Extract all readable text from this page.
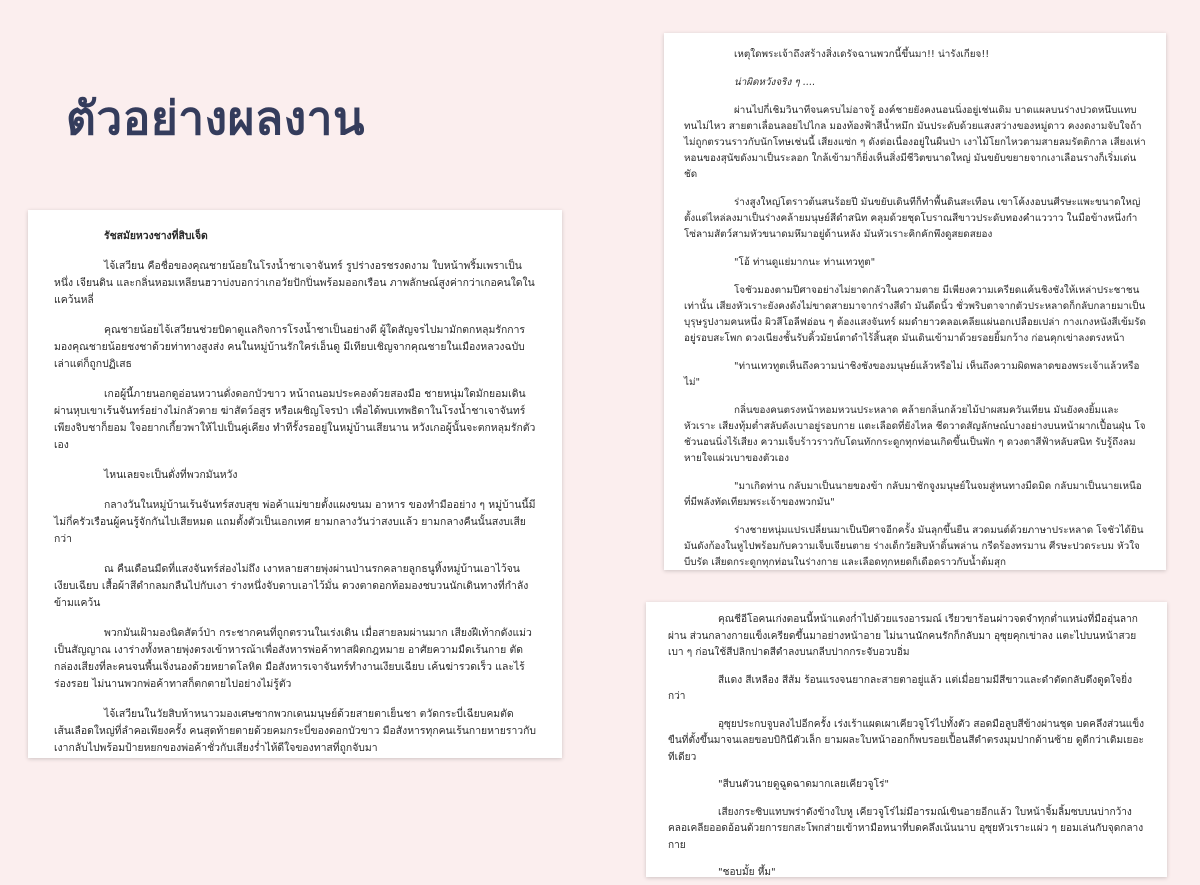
ตัวอย่างผลงาน

รัชสมัยหวงชางที่สิบเจ็ด

ไจ้เสวียน คือชื่อของคุณชายน้อยในโรงน้ำชาเจาจันทร์ รูปร่างอรชรงดงาม ใบหน้าพริ้มเพราเป็นหนึ่ง เจียนดิน และกลิ่นหอมเหลียนฮวาบ่งบอกว่าเกอวัยปักปิ่นพร้อมออกเรือน ภาพลักษณ์สูงค่ากว่าเกอคนใดในแคว้นหลี่

คุณชายน้อยไจ้เสวียนช่วยบิดาดูแลกิจการโรงน้ำชาเป็นอย่างดี ผู้ใดสัญจรไปมามักตกหลุมรักการมองคุณชายน้อยชงชาด้วยท่าทางสูงส่ง คนในหมู่บ้านรักใคร่เอ็นดู มีเทียบเชิญจากคุณชายในเมืองหลวงฉบับเล่าแต่ก็ถูกปฏิเสธ

เกอผู้นี้ภายนอกดูอ่อนหวานดั่งดอกบัวขาว หน้าถนอมประคองด้วยสองมือ ชายหนุ่มใดมักยอมเดินผ่านหุบเขาเร้นจันทร์อย่างไม่กลัวตาย ฆ่าสัตว์อสูร หรือเผชิญโจรป่า เพื่อได้พบเทพธิดาในโรงน้ำชาเจาจันทร์เพียงจิบชาก็ยอม ใจอยากเกี้ยวพาให้ไปเป็นคู่เคียง ทำทีรั้งรออยู่ในหมู่บ้านเสียนาน หวังเกอผู้นั้นจะตกหลุมรักตัวเอง

ไหนเลยจะเป็นดั่งที่พวกมันหวัง

กลางวันในหมู่บ้านเร้นจันทร์สงบสุข พ่อค้าแม่ขายตั้งแผงขนม อาหาร ของทำมืออย่าง ๆ หมู่บ้านนี้มีไม่กี่ครัวเรือนผู้คนรู้จักกันไปเสียหมด แถมตั้งตัวเป็นเอกเทศ ยามกลางวันว่าสงบแล้ว ยามกลางคืนนั้นสงบเสียกว่า

ณ คืนเดือนมืดที่แสงจันทร์ส่องไม่ถึง เงาหลายสายพุ่งผ่านป่านรกคลายลูกธนูทิ้งหมู่บ้านเอาไว้จนเงียบเฉียบ เสื้อผ้าสีดำกลมกลืนไปกับเงา ร่างหนึ่งจับดาบเอาไว้มั่น ดวงตาดอกท้อมองชบวนนักเดินทางที่กำลังข้ามแคว้น

พวกมันเฝ้ามองนิดสัตว์ป่า กระชากคนที่ถูกตรวนในเร่งเดิน เมื่อสายลมผ่านมาก เสียงฝีเท้ากดังแม่วเป็นสัญญาณ เงาร่างทั้งหลายพุ่งตรงเข้าหารณ้าเพื่อสังหารพ่อค้าทาสผิดกฎหมาย อาศัยความมืดเร้นกาย ตัดกล่องเสียงที่ละคนจนพื้นเจิ่งนองด้วยหยาดโลหิต มือสังหารเจาจันทร์ทำงานเงียบเฉียบ เค้นฆ่ารวดเร็ว และไร้ร่องรอย ไม่นานพวกพ่อค้าทาสก็ตกตายไปอย่างไม่รู้ตัว

ไจ้เสวียนในวัยสิบห้าหนาวมองเศษซากพวกเดนมนุษย์ด้วยสายตาเย็นชา ตวัดกระบี่เฉียบคมตัดเส้นเลือดใหญ่ที่ลำคอเพียงครั้ง คนสุดท้ายตายด้วยคมกระบี่ของดอกบัวขาว มือสังหารทุกคนเร้นกายหายราวกับเงากลับไปพร้อมป้ายหยกของพ่อค้าชั่วกับเสียงร่ำไห้ดีใจของทาสที่ถูกจับมา

เหตุใดพระเจ้าถึงสร้างสิ่งเดรัจฉานพวกนี้ขึ้นมา!! น่ารังเกียจ!!

น่าผิดหวังจริง ๆ ....

ผ่านไปกี่เชิมวินาทีจนครบไม่อาจรู้ องค์ชายยังคงนอนนิ่งอยู่เช่นเดิม บาดแผลบนร่างปวดหนึบแทบทนไม่ไหว สายตาเลื่อนลอยไปไกล มองท้องฟ้าสีน้ำหมึก มันประดับด้วยแสงสว่างของหมู่ดาว คงงดงามจับใจถ้าไม่ถูกตรวนราวกับนักโทษเช่นนี้ เสียงแซ่ก ๆ ดังต่อเนื่องอยู่ในผืนป่า เงาไม้โยกไหวตามสายลมรัตติกาล เสียงเห่าหอนของสุนัขดังมาเป็นระลอก ใกล้เข้ามาก็ยิ่งเห็นสิ่งมีชีวิตขนาดใหญ่ มันขยับขยายจากเงาเลือนรางก็เริ่มเด่นชัด

ร่างสูงใหญ่โตราวต้นสนร้อยปี มันขยับเดินทีก็ทำพื้นดินสะเทือน เขาโค้งงอบนศีรษะแพะขนาดใหญ่ ตั้งแต่ไหล่ลงมาเป็นร่างคล้ายมนุษย์สีดำสนิท คลุมด้วยชุดโบราณสีขาวประดับทองคำแววาว ในมือข้างหนึ่งกำโซ่ลามสัตว์สามหัวขนาดมหึมาอยู่ด้านหลัง มันหัวเราะคิกคักพึงดูสยดสยอง

"โอ้ ท่านดูแย่มากนะ ท่านเทวทูต"

โจชัวมองตามปีศาจอย่างไม่ยาดกลัวในความตาย มีเพียงความเครียดแค้นชิงชังให้เหล่าประชาชนเท่านั้น เสียงหัวเราะยังคงดังไม่ขาดสายมาจากร่างสีดำ มันดีดนิ้ว ชั่วพริบตาจากตัวประหลาดก็กลับกลายมาเป็นบุรุษรูปงามคนหนึ่ง ผิวสีโอลีฟอ่อน ๆ ต้องแสงจันทร์ ผมดำยาวคลอเคลียแผ่นอกเปลือยเปล่า กางเกงหนังสีเข้มรัดอยู่รอบสะโพก ดวงเนียงชั้นรับคิ้วมัยน์ตาดำไร้สิ้นสุด มันเดินเข้ามาด้วยรอยยิ้มกว้าง ก่อนคุกเข่าลงตรงหน้า

"ท่านเทวทูตเห็นถึงความน่าชิงชังของมนุษย์แล้วหรือไม่ เห็นถึงความผิดพลาดของพระเจ้าแล้วหรือไม่"

กลิ่นของคนตรงหน้าหอมหวนประหลาด คล้ายกลิ่นกล้วยไม้ปาผสมควันเทียน มันยังคงยิ้มและหัวเราะ เสียงทุ้มต่ำสลับดังเบาอยู่รอบกาย แตะเลือดที่ยังไหล ชีดวาดสัญลักษณ์บางอย่างบนหน้าผากเปื้อนฝุ่น โจชัวนอนนิ่งไร้เสียง ความเจ็บร้าวราวกับโดนทักกระดูกทุกท่อนเกิดขึ้นเป็นพัก ๆ ดวงตาสีฟ้าหลับสนิท รับรู้ถึงลมหายใจแผ่วเบาของตัวเอง

"มาเกิดท่าน กลับมาเป็นนายของข้า กลับมาชักจูงมนุษย์ในจมสู่หนทางมืดมิด กลับมาเป็นนายเหนือที่มีพลังทัดเทียมพระเจ้าของพวกมัน"

ร่างชายหนุ่มแปรเปลี่ยนมาเป็นปีศาจอีกครั้ง มันลุกขึ้นยืน สวดมนต์ด้วยภาษาประหลาด โจชัวได้ยินมันดังก้องในหูไปพร้อมกับความเจ็บเจียนตาย ร่างเด็กวัยสิบห้าดิ้นพล่าน กรีดร้องทรมาน ศีรษะปวดระบม หัวใจบีบรัด เสียดกระดูกทุกท่อนในร่างกาย และเลือดทุกหยดก็เดือดราวกับน้ำต้มสุก

คุณชีอีโอคนเก่งตอนนี้หน้าแดงก่ำไปด้วยแรงอารมณ์ เรียวขาร้อนผ่าวจดจำทุกต่ำแหน่งที่มืออุ่นลากผ่าน ส่วนกลางกายแข็งเครียดขึ้นมาอย่างหน้าอาย ไม่นานนักคนรักก็กลับมา อุซุยคุกเข่าลง แตะไปบนหน้าสวยเบา ๆ ก่อนใช้สีปลิกปาดสีดำลงบนกลีบปากกระจับอวบอิ่ม

สีแดง สีเหลือง สีส้ม ร้อนแรงจนยากละสายตาอยู่แล้ว แต่เมื่อยามมีสีขาวและดำตัดกลับดึงดูดใจยิ่งกว่า

อุซุยประกบจูบลงไปอีกครั้ง เร่งเร้าแผดเผาเคียวจูโร่ไปทั้งตัว สอดมือลูบสีข้างผ่านชุด บดคลึงส่วนแข็งขืนที่ตั้งขึ้นมาจนเลยขอบบิกินีตัวเล็ก ยามผละใบหน้าออกก็พบรอยเปื้อนสีดำตรงมุมปากด้านซ้าย ดูดีกว่าเดิมเยอะทีเดียว

"สีบนตัวนายดูฉูดฉาดมากเลยเคียวจูโร่"

เสียงกระซิบแทบพร่าดังข้างใบหู เคียวจูโร่ไม่มีอารมณ์เขินอายอีกแล้ว ใบหน้าจิ้มลิ้มซบบนบ่ากว้าง คลอเคลียออดอ้อนด้วยการยกสะโพกส่ายเข้าหามือหนาที่บดคลึงเน้นนาบ อุซุยหัวเราะแผ่ว ๆ ยอมเล่นกับจุดกลางกาย

"ชอบมั้ย หึ้ม"
